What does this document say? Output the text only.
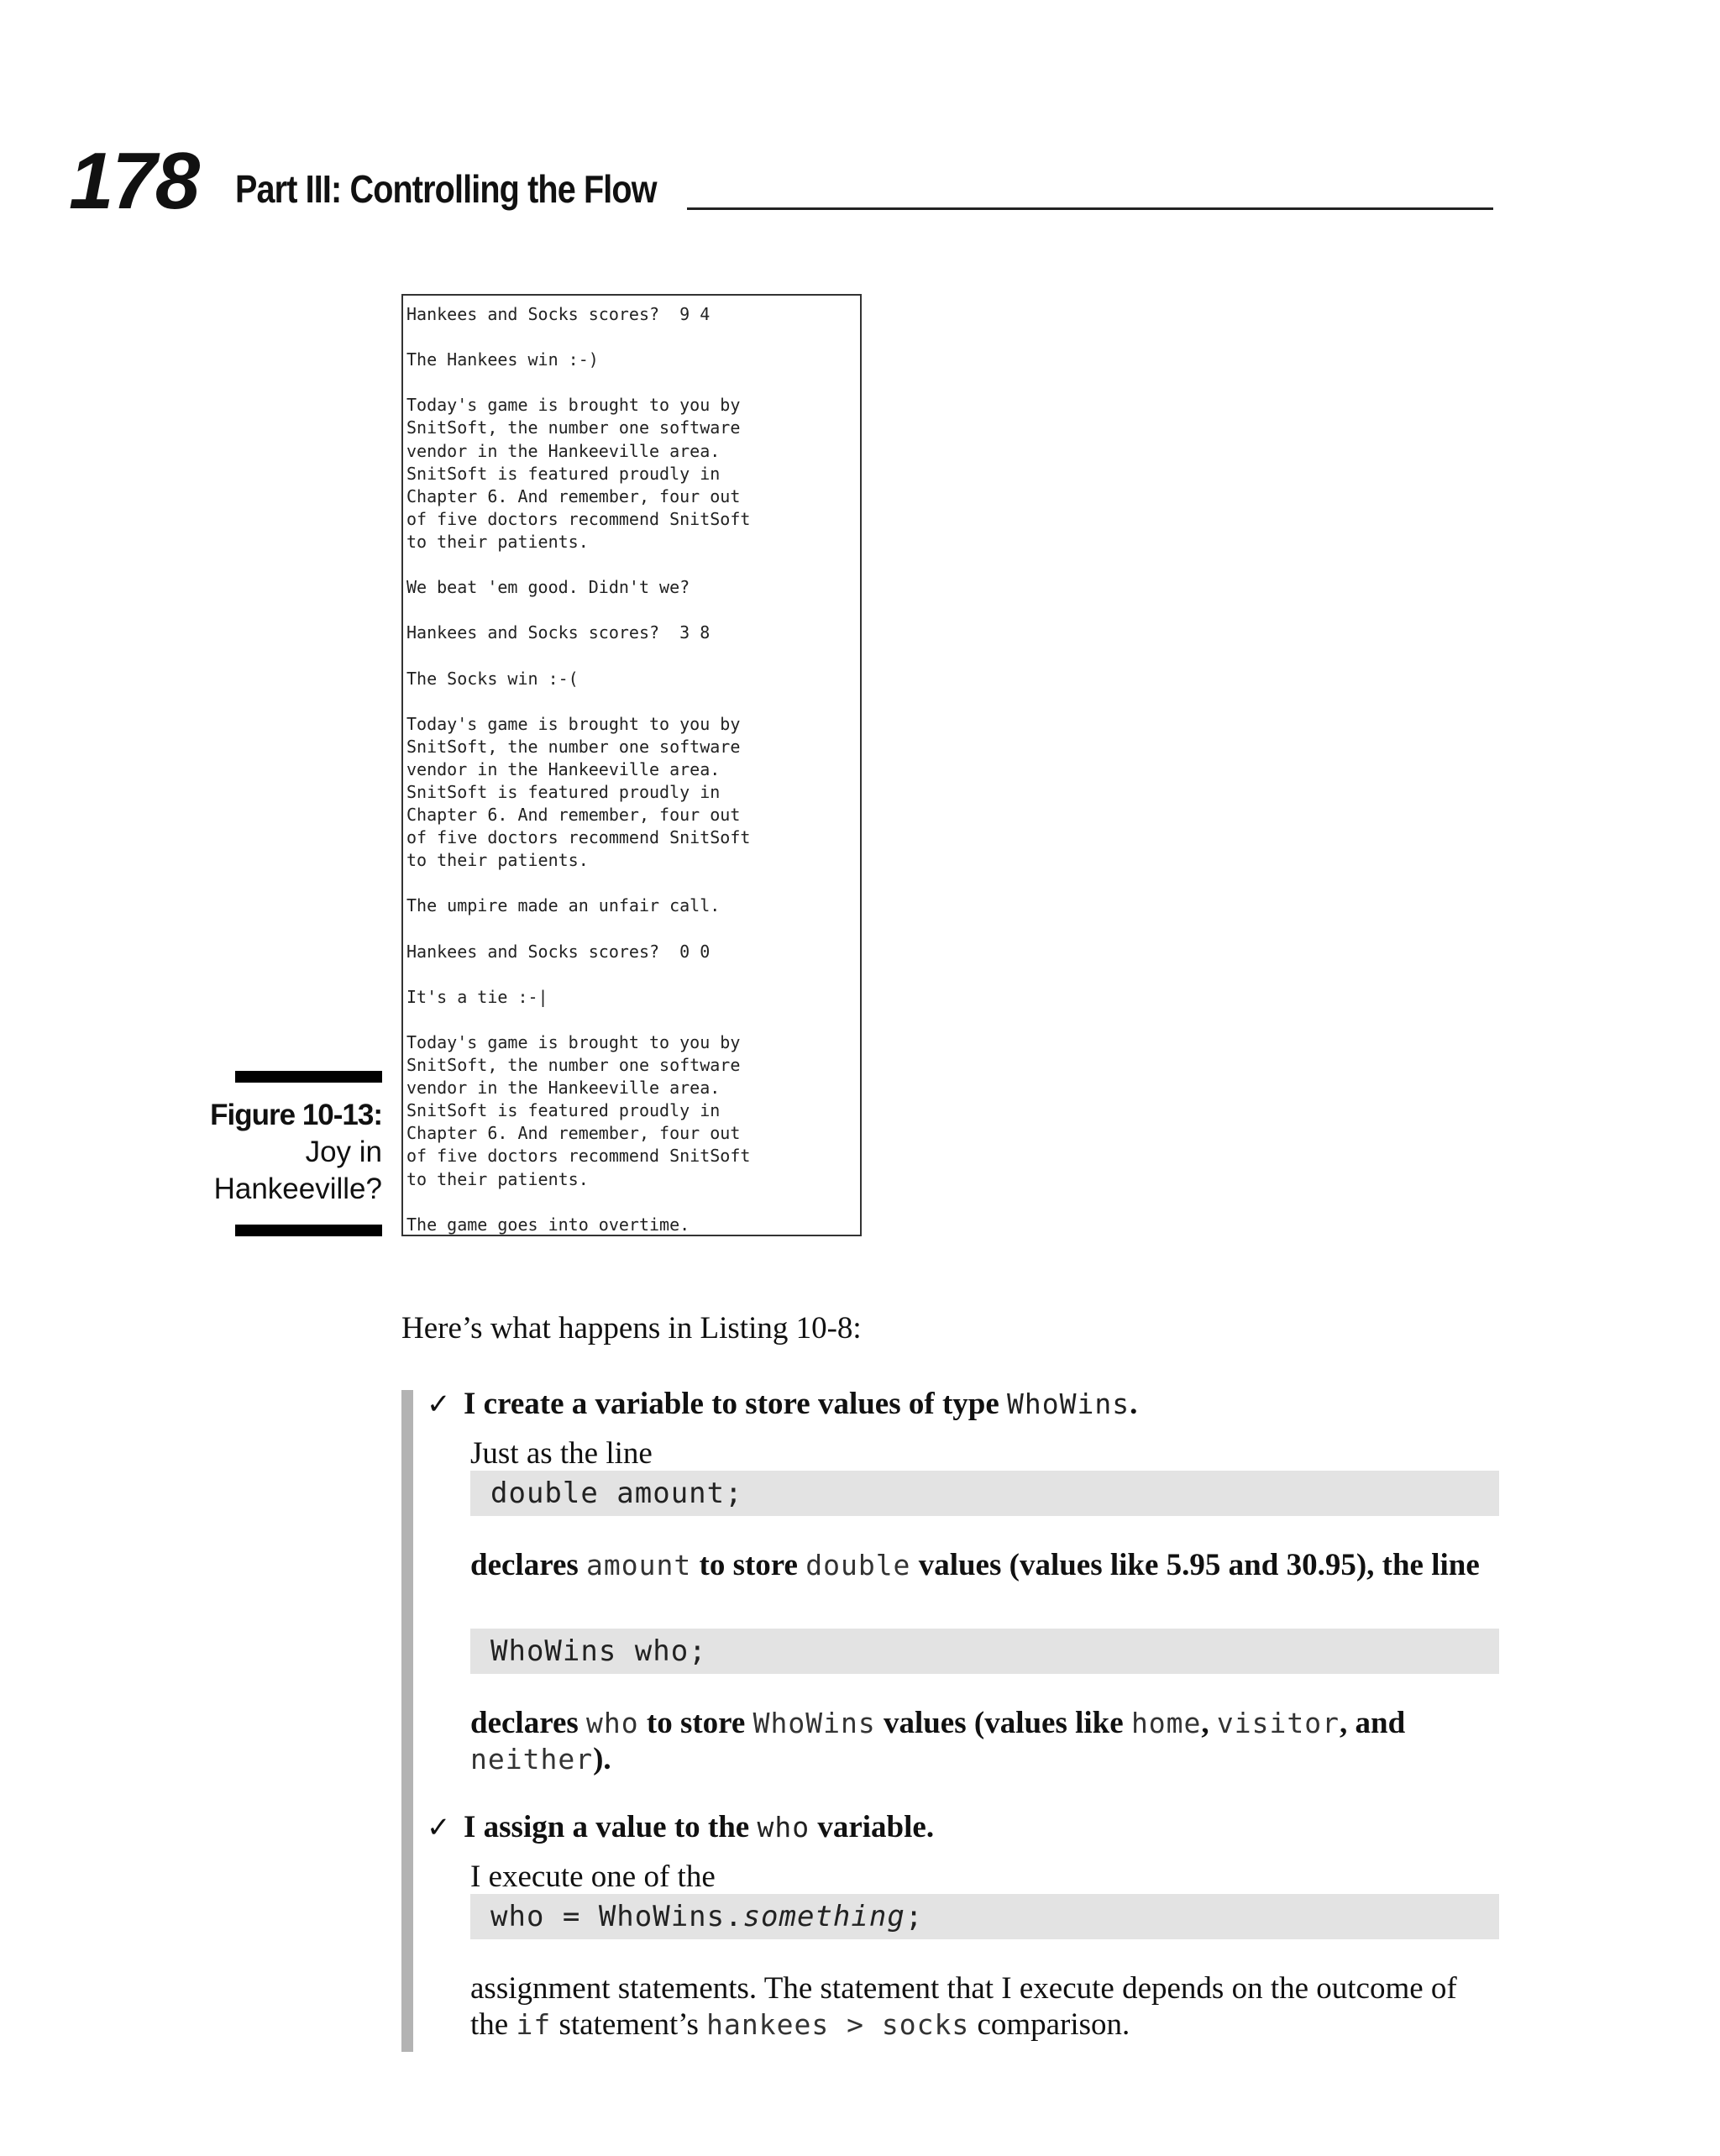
178 Part III: Controlling the Flow
Hankees and Socks scores?  9 4

The Hankees win :-)

Today's game is brought to you by
SnitSoft, the number one software
vendor in the Hankeeville area.
SnitSoft is featured proudly in
Chapter 6. And remember, four out
of five doctors recommend SnitSoft
to their patients.

We beat 'em good. Didn't we?

Hankees and Socks scores?  3 8

The Socks win :-(

Today's game is brought to you by
SnitSoft, the number one software
vendor in the Hankeeville area.
SnitSoft is featured proudly in
Chapter 6. And remember, four out
of five doctors recommend SnitSoft
to their patients.

The umpire made an unfair call.

Hankees and Socks scores?  0 0

It's a tie :-|

Today's game is brought to you by
SnitSoft, the number one software
vendor in the Hankeeville area.
SnitSoft is featured proudly in
Chapter 6. And remember, four out
of five doctors recommend SnitSoft
to their patients.

The game goes into overtime.
Figure 10-13:
Joy in
Hankeeville?
Here’s what happens in Listing 10-8:
✓ I create a variable to store values of type WhoWins.
Just as the line
double amount;
declares amount to store double values (values like 5.95 and 30.95), the line
WhoWins who;
declares who to store WhoWins values (values like home, visitor, and neither).
✓ I assign a value to the who variable.
I execute one of the
who = WhoWins.something;
assignment statements. The statement that I execute depends on the outcome of the if statement’s hankees > socks comparison.
